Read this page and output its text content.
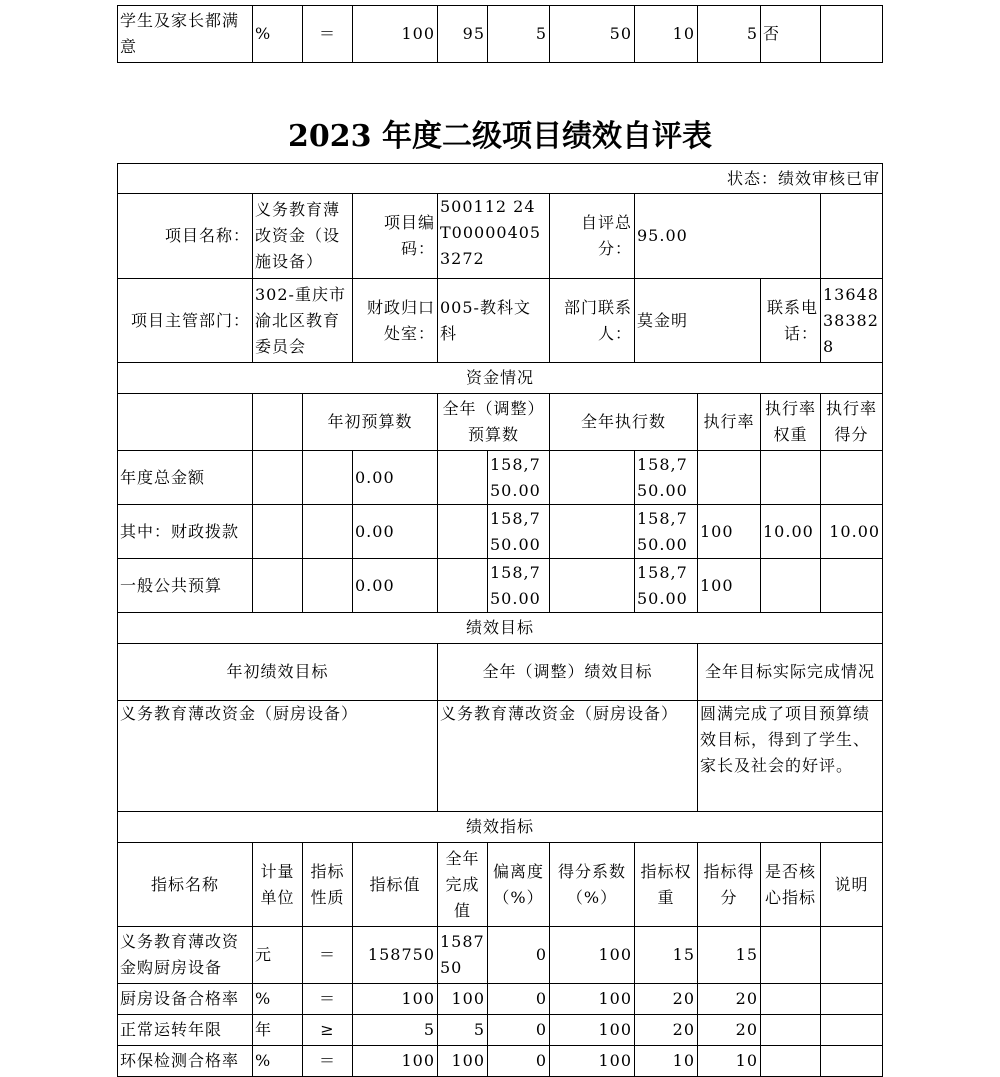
学生及家长都满意	%	＝	100	95	5	50	10	5	否	
2023 年度二级项目绩效自评表
状态：绩效审核已审										
项目名称：	义务教育薄改资金（设施设备）		项目编码：	500112 24T000004053272		自评总分：	95.00			
项目主管部门：	302-重庆市渝北区教育委员会		财政归口处室：	005-教科文科		部门联系人：	莫金明		联系电话：	13648383828
资金情况										
		年初预算数		全年（调整）预算数		全年执行数		执行率	执行率权重	执行率得分
年度总金额			0.00		158,750.00		158,750.00			
其中：财政拨款			0.00		158,750.00		158,750.00	100	10.00	10.00
一般公共预算			0.00		158,750.00		158,750.00	100		
绩效目标										
年初绩效目标				全年（调整）绩效目标				全年目标实际完成情况		
义务教育薄改资金（厨房设备）				义务教育薄改资金（厨房设备）				圆满完成了项目预算绩效目标，得到了学生、家长及社会的好评。		
绩效指标										
指标名称	计量单位	指标性质	指标值	全年完成值	偏离度（%）	得分系数（%）	指标权重	指标得分	是否核心指标	说明
义务教育薄改资金购厨房设备	元	＝	158750	158750	0	100	15	15		
厨房设备合格率	%	＝	100	100	0	100	20	20		
正常运转年限	年	≥	5	5	0	100	20	20		
环保检测合格率	%	＝	100	100	0	100	10	10		
